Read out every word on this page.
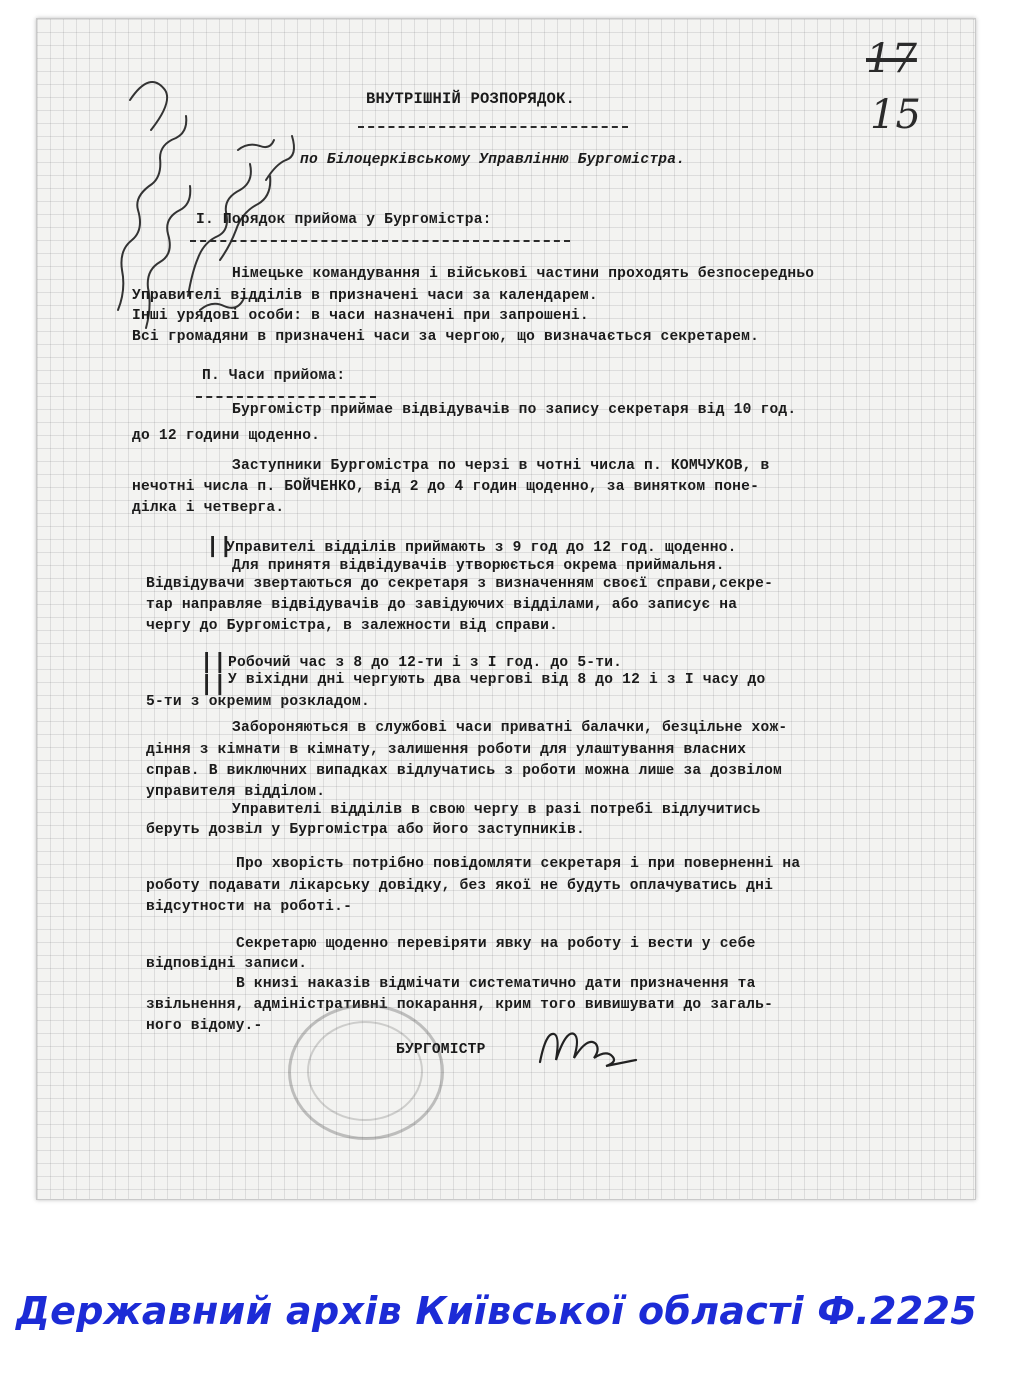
17

15

ВНУТРІШНІЙ РОЗПОРЯДОК.

по Білоцерківському Управлінню Бургомістра.

І. Порядок прийома у Бургомістра:

Німецьке командування і військові частини проходять безпосередньо

Управителі відділів в призначені часи за календарем.

Інші урядові особи: в часи назначені при запрошені.

Всі громадяни в призначені часи за чергою, що визначається секретарем.

П. Часи прийома:

Бургомістр приймае відвідувачів по запису секретаря від 10 год.

до 12 години щоденно.

Заступники Бургомістра по черзі в чотні числа п. КОМЧУКОВ, в

нечотні числа п. БОЙЧЕНКО, від 2 до 4 годин щоденно, за винятком поне-

ділка і четверга.

||

Управителі відділів приймають з 9 год до 12 год. щоденно.

Для принятя відвідувачів утворюється окрема приймальня.

Відвідувачи звертаються до секретаря з визначенням своєї справи,секре-

тар направляе відвідувачів до завідуючих відділами, або записує на

чергу до Бургомістра, в залежности від справи.

|| Робочий час з 8 до 12-ти і з І год. до 5-ти.

|| У віхідни дні чергують два чергові від 8 до 12 і з І часу до

5-ти з окремим розкладом.

Забороняються в службові часи приватні балачки, безцільне хож-

діння з кімнати в кімнату, залишення роботи для улаштування власних

справ. В виключних випадках відлучатись з роботи можна лише за дозвілом

управителя відділом.

Управителі відділів в свою чергу в разі потребі відлучитись

беруть дозвіл у Бургомістра або його заступників.

Про хворість потрібно повідомляти секретаря і при поверненні на

роботу подавати лікарську довідку, без якої не будуть оплачуватись дні

відсутности на роботі.-

Секретарю щоденно перевіряти явку на роботу і вести у себе

відповідні записи.

В книзі наказів відмічати систематично дати призначення та

звільнення, адміністративні покарання, крим того вивишувати до загаль-

ного відому.-

БУРГОМІСТР

Державний архів Київської області Ф.2225
